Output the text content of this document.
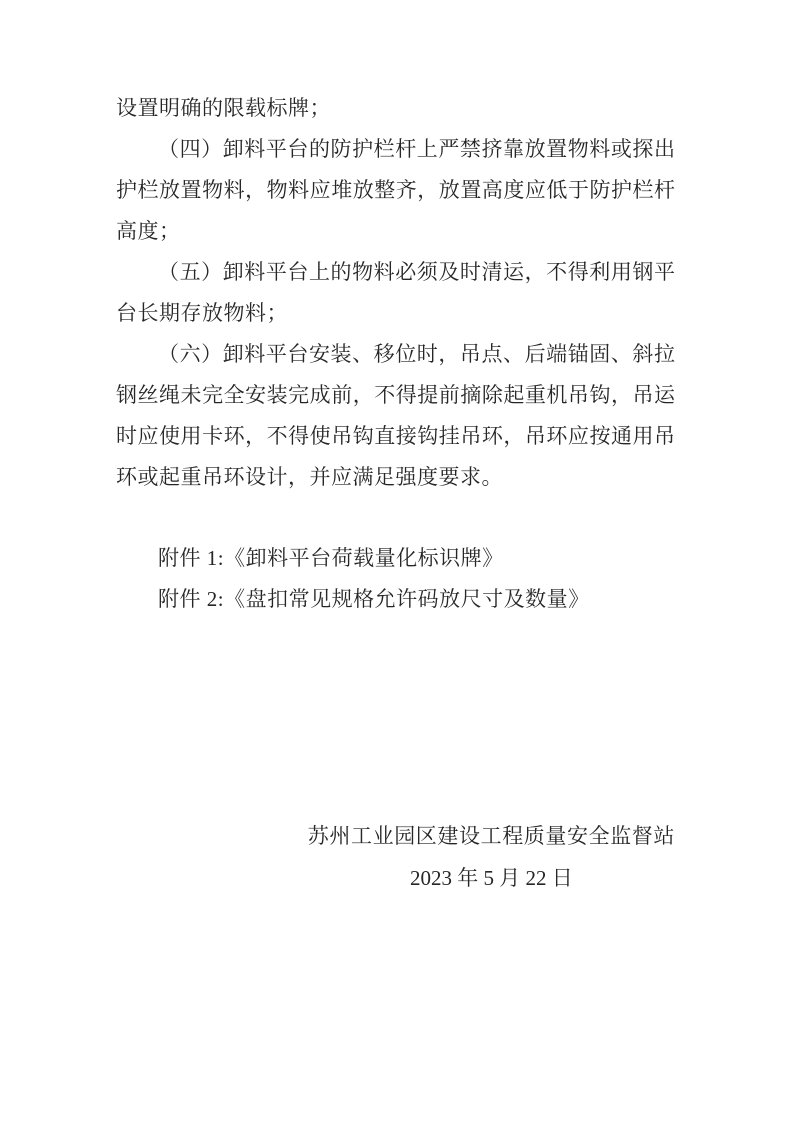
设置明确的限载标牌；
（四）卸料平台的防护栏杆上严禁挤靠放置物料或探出
护栏放置物料，物料应堆放整齐，放置高度应低于防护栏杆
高度；
（五）卸料平台上的物料必须及时清运，不得利用钢平
台长期存放物料；
（六）卸料平台安装、移位时，吊点、后端锚固、斜拉
钢丝绳未完全安装完成前，不得提前摘除起重机吊钩，吊运
时应使用卡环，不得使吊钩直接钩挂吊环，吊环应按通用吊
环或起重吊环设计，并应满足强度要求。
附件 1:《卸料平台荷载量化标识牌》
附件 2:《盘扣常见规格允许码放尺寸及数量》
苏州工业园区建设工程质量安全监督站
2023 年 5 月 22 日
